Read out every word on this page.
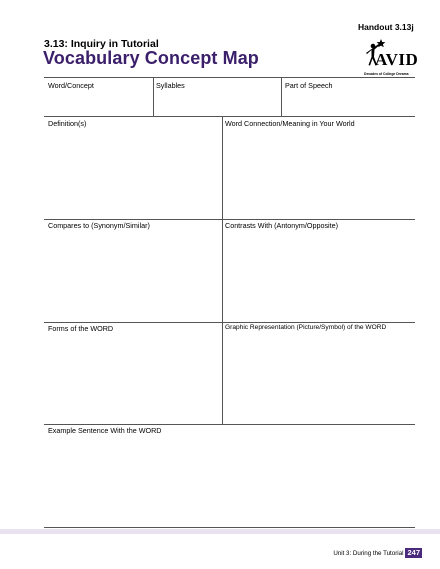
Handout 3.13j
3.13: Inquiry in Tutorial
Vocabulary Concept Map	AVID
Decades of College Dreams
Word/Concept	Syllables	Part of Speech
Definition(s)	Word Connection/Meaning in Your World
Compares to (Synonym/Similar)	Contrasts With (Antonym/Opposite)
Forms of the WORD	Graphic Representation (Picture/Symbol) of the WORD
Example Sentence With the WORD
Unit 3: During the Tutorial 247
